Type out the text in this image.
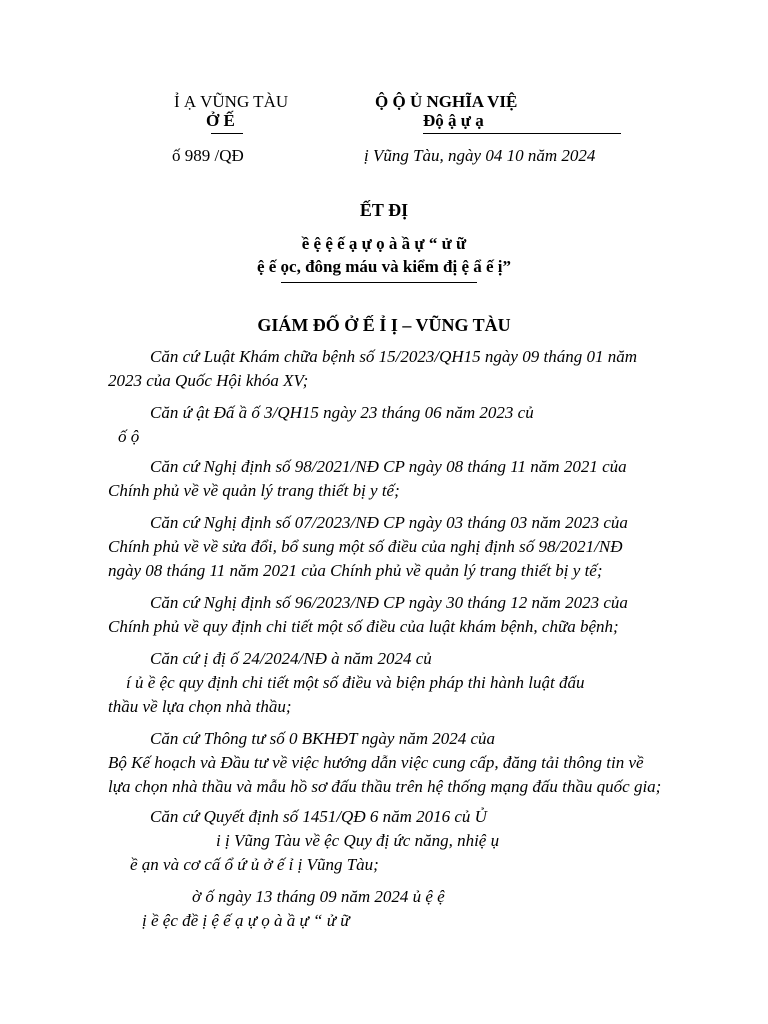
Ỉ Ạ VŨNG TÀU
Ở Ế
Ộ Ộ Ủ NGHĨA VIỆ
Độ ậ ự ạ
ố 989 /QĐ	ị Vũng Tàu, ngày 04 10 năm 2024
ẾT ĐỊ
ề ệ ệ ế ạ ự ọ à ầ ự “ ử ữ
ệ ế ọc, đông máu và kiểm đị ệ ẩ ế ị”
GIÁM ĐỐ Ở Ế Ỉ Ị – VŨNG TÀU
Căn cứ Luật Khám chữa bệnh số 15/2023/QH15 ngày 09 tháng 01 năm
2023 của Quốc Hội khóa XV;
Căn ứ ật Đấ ầ ố 3/QH15 ngày 23 tháng 06 năm 2023 củ
ố ộ
Căn cứ Nghị định số 98/2021/NĐ CP ngày 08 tháng 11 năm 2021 của
Chính phủ về về quản lý trang thiết bị y tế;
Căn cứ Nghị định số 07/2023/NĐ CP ngày 03 tháng 03 năm 2023 của
Chính phủ về về sửa đổi, bổ sung một số điều của nghị định số 98/2021/NĐ
ngày 08 tháng 11 năm 2021 của Chính phủ về quản lý trang thiết bị y tế;
Căn cứ Nghị định số 96/2023/NĐ CP ngày 30 tháng 12 năm 2023 của
Chính phủ về quy định chi tiết một số điều của luật khám bệnh, chữa bệnh;
Căn cứ ị đị ố 24/2024/NĐ à năm 2024 củ
í ủ ề ệc quy định chi tiết một số điều và biện pháp thi hành luật đấu
thầu về lựa chọn nhà thầu;
Căn cứ Thông tư số 0 BKHĐT ngày năm 2024 của
Bộ Kế hoạch và Đầu tư về việc hướng dẫn việc cung cấp, đăng tải thông tin về
lựa chọn nhà thầu và mẫu hồ sơ đấu thầu trên hệ thống mạng đấu thầu quốc gia;
Căn cứ Quyết định số 1451/QĐ 6 năm 2016 củ Ủ
i ị Vũng Tàu về ệc Quy đị ức năng, nhiệ ụ
ề ạn và cơ cấ ổ ứ ủ ở ế ỉ ị Vũng Tàu;
ờ ố ngày 13 tháng 09 năm 2024 ủ ệ ệ
ị ề ệc đề ị ệ ế ạ ự ọ à ầ ự “ ử ữ
